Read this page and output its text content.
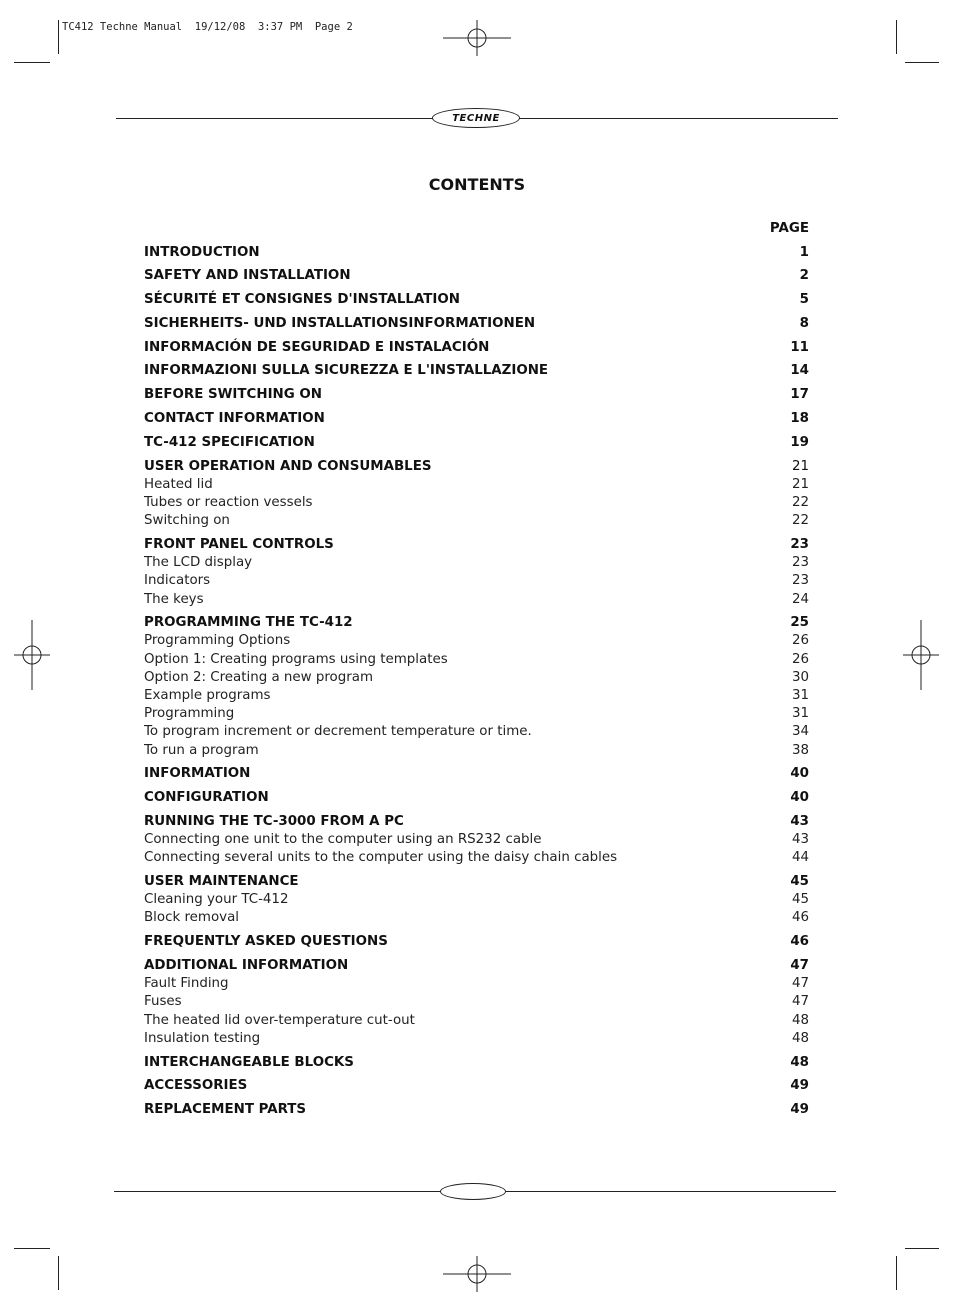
TC412 Techne Manual  19/12/08  3:37 PM  Page 2
TECHNE
CONTENTS
PAGE
INTRODUCTION	1
SAFETY AND INSTALLATION	2
SÉCURITÉ ET CONSIGNES D'INSTALLATION	5
SICHERHEITS- UND INSTALLATIONSINFORMATIONEN	8
INFORMACIÓN DE SEGURIDAD E INSTALACIÓN	11
INFORMAZIONI SULLA SICUREZZA E L'INSTALLAZIONE	14
BEFORE SWITCHING ON	17
CONTACT INFORMATION	18
TC-412 SPECIFICATION	19
USER OPERATION AND CONSUMABLES	21
Heated lid	21
Tubes or reaction vessels	22
Switching on	22
FRONT PANEL CONTROLS	23
The LCD display	23
Indicators	23
The keys	24
PROGRAMMING THE TC-412	25
Programming Options	26
Option 1: Creating programs using templates	26
Option 2: Creating a new program	30
Example programs	31
Programming	31
To program increment or decrement temperature or time.	34
To run a program	38
INFORMATION	40
CONFIGURATION	40
RUNNING THE TC-3000 FROM A PC	43
Connecting one unit to the computer using an RS232 cable	43
Connecting several units to the computer using the daisy chain cables	44
USER MAINTENANCE	45
Cleaning your TC-412	45
Block removal	46
FREQUENTLY ASKED QUESTIONS	46
ADDITIONAL INFORMATION	47
Fault Finding	47
Fuses	47
The heated lid over-temperature cut-out	48
Insulation testing	48
INTERCHANGEABLE BLOCKS	48
ACCESSORIES	49
REPLACEMENT PARTS	49
